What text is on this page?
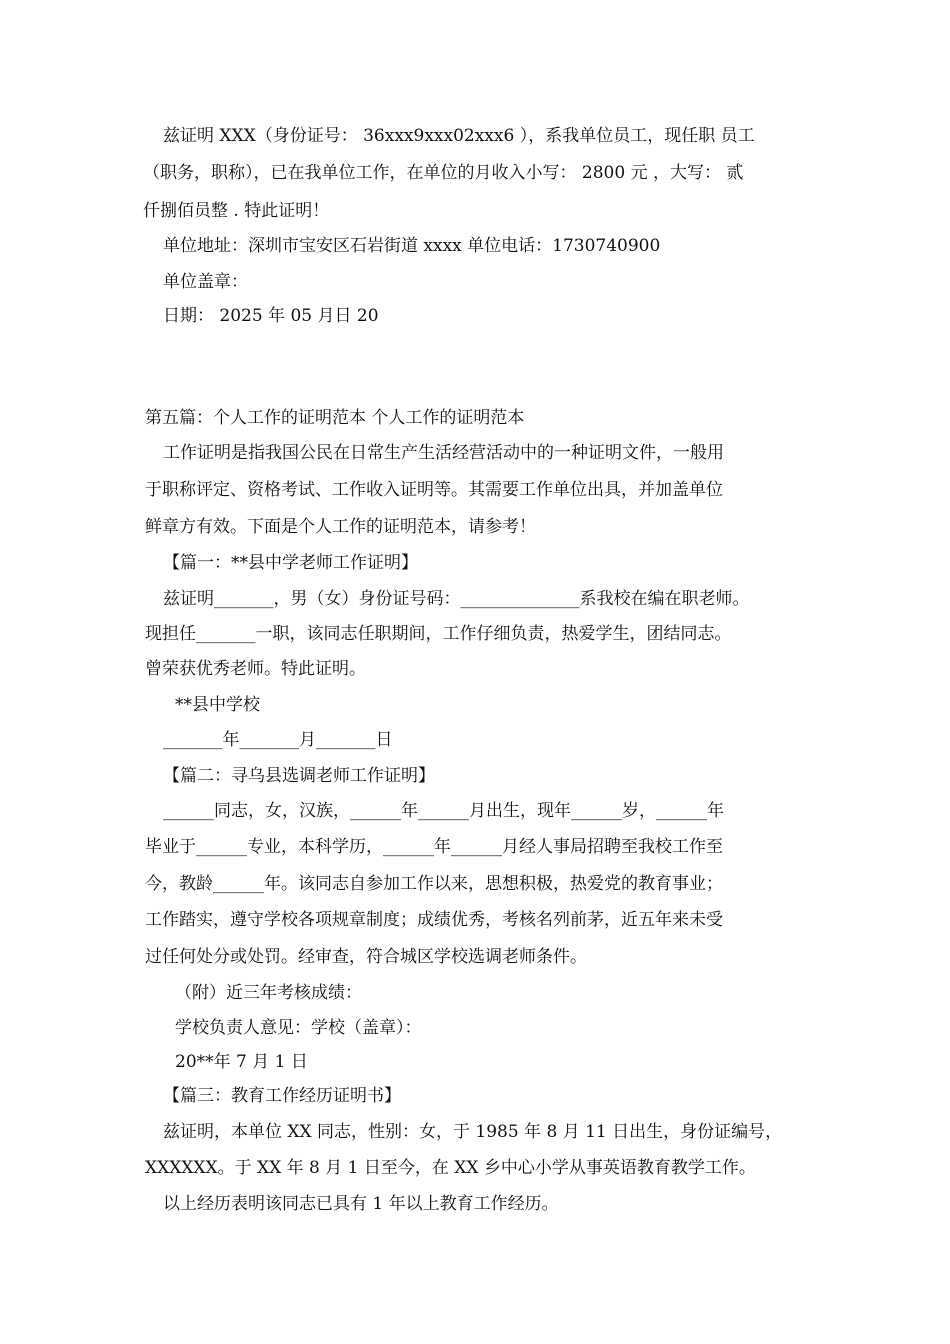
兹证明 XXX（身份证号： 36xxx9xxx02xxx6 ），系我单位员工，现任职 员工
（职务，职称），已在我单位工作，在单位的月收入小写： 2800 元 ，大写： 贰
仟捌佰员整 . 特此证明！
单位地址：深圳市宝安区石岩街道 xxxx 单位电话：1730740900
单位盖章：
日期： 2025 年 05 月日 20
第五篇：个人工作的证明范本 个人工作的证明范本
工作证明是指我国公民在日常生产生活经营活动中的一种证明文件，一般用
于职称评定、资格考试、工作收入证明等。其需要工作单位出具，并加盖单位
鲜章方有效。下面是个人工作的证明范本，请参考！
【篇一：**县中学老师工作证明】
兹证明_______，男（女）身份证号码：______________系我校在编在职老师。
现担任_______一职，该同志任职期间，工作仔细负责，热爱学生，团结同志。
曾荣获优秀老师。特此证明。
**县中学校
_______年_______月_______日
【篇二：寻乌县选调老师工作证明】
______同志，女，汉族，______年______月出生，现年______岁，______年
毕业于______专业，本科学历，______年______月经人事局招聘至我校工作至
今，教龄______年。该同志自参加工作以来，思想积极，热爱党的教育事业；
工作踏实，遵守学校各项规章制度；成绩优秀，考核名列前茅，近五年来未受
过任何处分或处罚。经审查，符合城区学校选调老师条件。
（附）近三年考核成绩：
学校负责人意见：学校（盖章）：
20**年 7 月 1 日
【篇三：教育工作经历证明书】
兹证明，本单位 XX 同志，性别：女，于 1985 年 8 月 11 日出生，身份证编号，
XXXXXX。于 XX 年 8 月 1 日至今，在 XX 乡中心小学从事英语教育教学工作。
以上经历表明该同志已具有 1 年以上教育工作经历。
